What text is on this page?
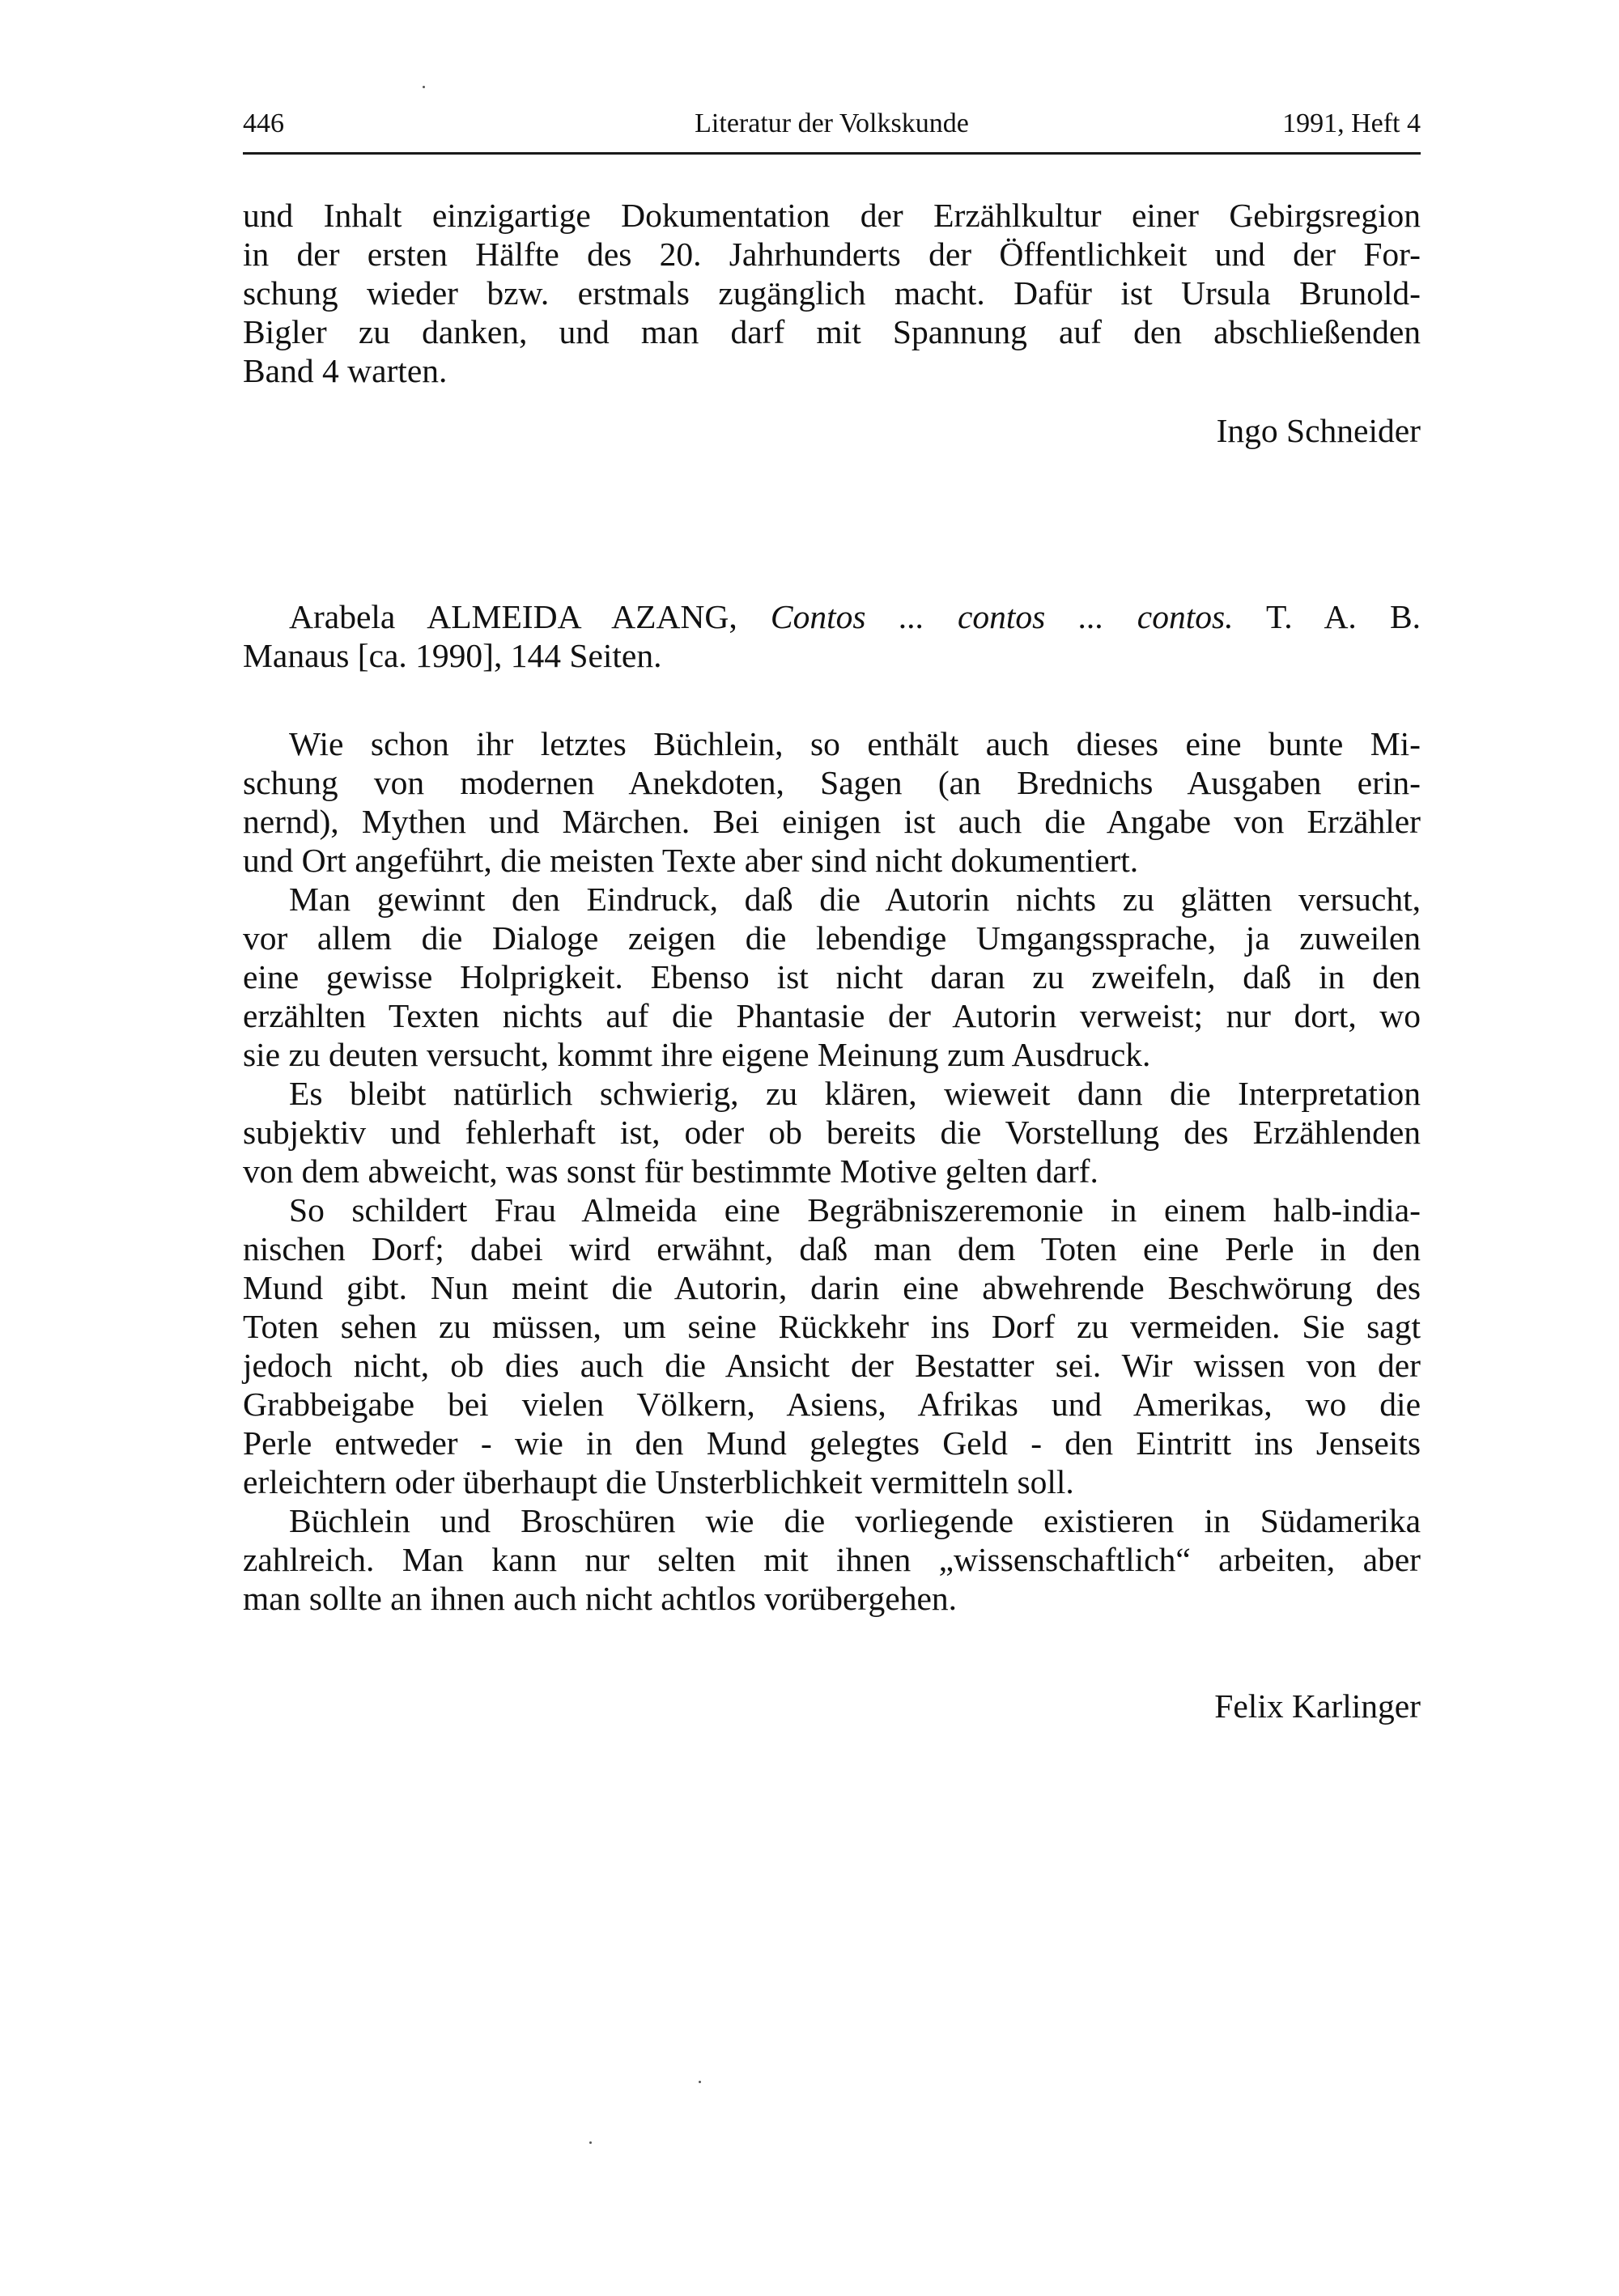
446	Literatur der Volkskunde	1991, Heft 4

und Inhalt einzigartige Dokumentation der Erzählkultur einer Gebirgsregion
in der ersten Hälfte des 20. Jahrhunderts der Öffentlichkeit und der For-
schung wieder bzw. erstmals zugänglich macht. Dafür ist Ursula Brunold-
Bigler zu danken, und man darf mit Spannung auf den abschließenden
Band 4 warten.

Ingo Schneider
Arabela ALMEIDA AZANG, Contos ... contos ... contos. T. A. B.
Manaus [ca. 1990], 144 Seiten.

Wie schon ihr letztes Büchlein, so enthält auch dieses eine bunte Mi-
schung von modernen Anekdoten, Sagen (an Brednichs Ausgaben erin-
nernd), Mythen und Märchen. Bei einigen ist auch die Angabe von Erzähler
und Ort angeführt, die meisten Texte aber sind nicht dokumentiert.

Man gewinnt den Eindruck, daß die Autorin nichts zu glätten versucht,
vor allem die Dialoge zeigen die lebendige Umgangssprache, ja zuweilen
eine gewisse Holprigkeit. Ebenso ist nicht daran zu zweifeln, daß in den
erzählten Texten nichts auf die Phantasie der Autorin verweist; nur dort, wo
sie zu deuten versucht, kommt ihre eigene Meinung zum Ausdruck.

Es bleibt natürlich schwierig, zu klären, wieweit dann die Interpretation
subjektiv und fehlerhaft ist, oder ob bereits die Vorstellung des Erzählenden
von dem abweicht, was sonst für bestimmte Motive gelten darf.

So schildert Frau Almeida eine Begräbniszeremonie in einem halb-india-
nischen Dorf; dabei wird erwähnt, daß man dem Toten eine Perle in den
Mund gibt. Nun meint die Autorin, darin eine abwehrende Beschwörung des
Toten sehen zu müssen, um seine Rückkehr ins Dorf zu vermeiden. Sie sagt
jedoch nicht, ob dies auch die Ansicht der Bestatter sei. Wir wissen von der
Grabbeigabe bei vielen Völkern, Asiens, Afrikas und Amerikas, wo die
Perle entweder - wie in den Mund gelegtes Geld - den Eintritt ins Jenseits
erleichtern oder überhaupt die Unsterblichkeit vermitteln soll.

Büchlein und Broschüren wie die vorliegende existieren in Südamerika
zahlreich. Man kann nur selten mit ihnen „wissenschaftlich“ arbeiten, aber
man sollte an ihnen auch nicht achtlos vorübergehen.

Felix Karlinger
